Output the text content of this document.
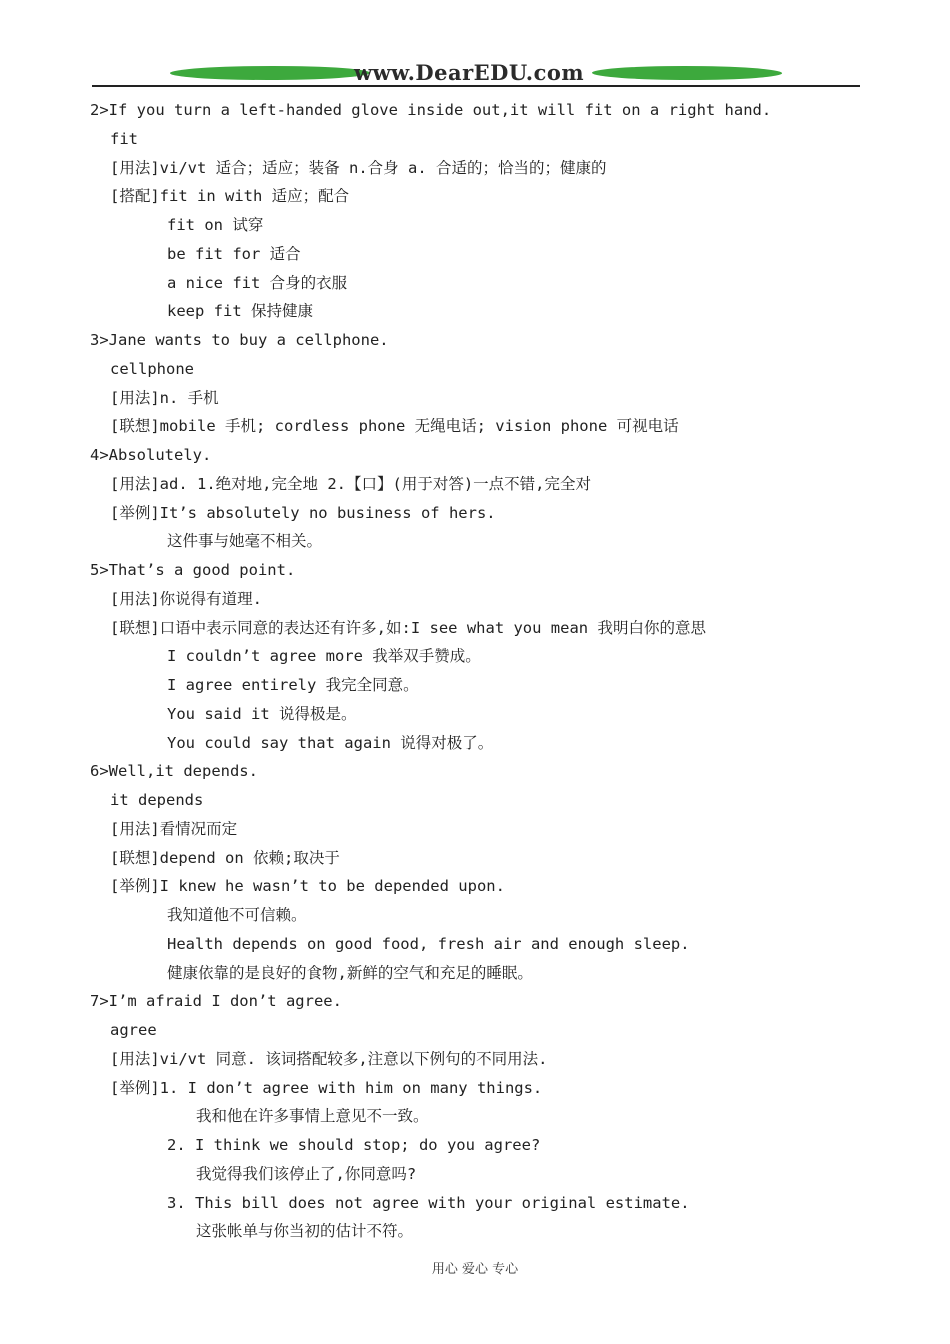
www.DearEDU.com
2>If you turn a left-handed glove inside out,it will fit on a right hand.
fit
[用法]vi/vt 适合；适应；装备 n.合身 a. 合适的；恰当的；健康的
[搭配]fit in with 适应；配合
fit on 试穿
be fit for 适合
a nice fit 合身的衣服
keep fit 保持健康
3>Jane wants to buy a cellphone.
cellphone
[用法]n. 手机
[联想]mobile 手机; cordless phone 无绳电话; vision phone 可视电话
4>Absolutely.
[用法]ad. 1.绝对地,完全地 2.【口】(用于对答)一点不错,完全对
[举例]It’s absolutely no business of hers.
这件事与她毫不相关。
5>That’s a good point.
[用法]你说得有道理.
[联想]口语中表示同意的表达还有许多,如:I see what you mean 我明白你的意思
I couldn’t agree more 我举双手赞成。
I agree entirely 我完全同意。
You said it 说得极是。
You could say that again 说得对极了。
6>Well,it depends.
it depends
[用法]看情况而定
[联想]depend on 依赖;取决于
[举例]I knew he wasn’t to be depended upon.
我知道他不可信赖。
Health depends on good food, fresh air and enough sleep.
健康依靠的是良好的食物,新鲜的空气和充足的睡眠。
7>I’m afraid I don’t agree.
agree
[用法]vi/vt 同意. 该词搭配较多,注意以下例句的不同用法.
[举例]1. I don’t agree with him on many things.
我和他在许多事情上意见不一致。
2. I think we should stop; do you agree?
我觉得我们该停止了,你同意吗?
3. This bill does not agree with your original estimate.
这张帐单与你当初的估计不符。
用心 爱心 专心
